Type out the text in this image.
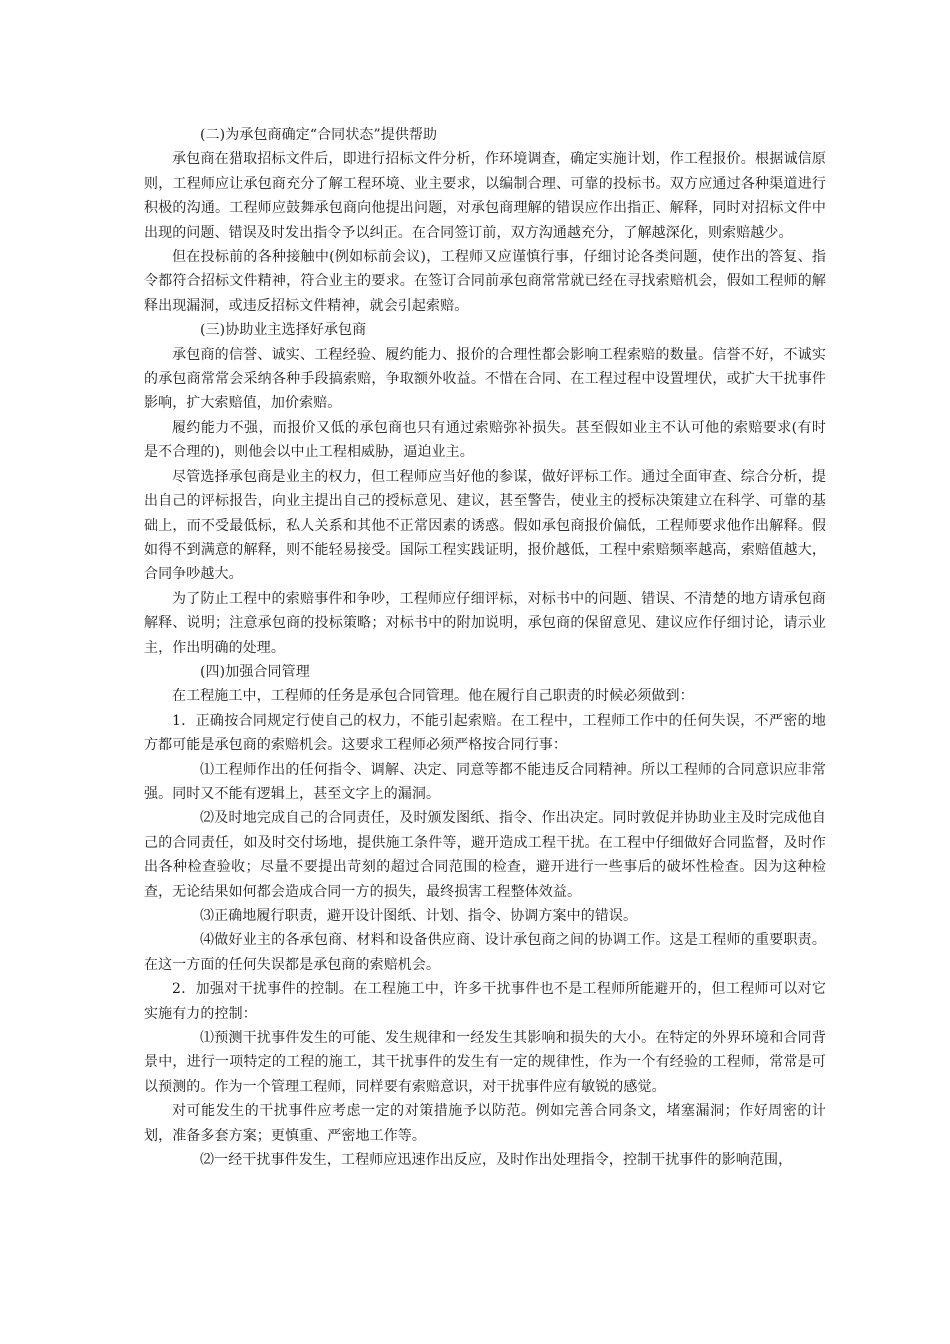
(二)为承包商确定“合同状态”提供帮助

承包商在猎取招标文件后，即进行招标文件分析，作环境调查，确定实施计划，作工程报价。根据诚信原则，工程师应让承包商充分了解工程环境、业主要求，以编制合理、可靠的投标书。双方应通过各种渠道进行积极的沟通。工程师应鼓舞承包商向他提出问题，对承包商理解的错误应作出指正、解释，同时对招标文件中出现的问题、错误及时发出指令予以纠正。在合同签订前，双方沟通越充分，了解越深化，则索赔越少。

但在投标前的各种接触中(例如标前会议)，工程师又应谨慎行事，仔细讨论各类问题，使作出的答复、指令都符合招标文件精神，符合业主的要求。在签订合同前承包商常常就已经在寻找索赔机会，假如工程师的解释出现漏洞，或违反招标文件精神，就会引起索赔。

(三)协助业主选择好承包商

承包商的信誉、诚实、工程经验、履约能力、报价的合理性都会影响工程索赔的数量。信誉不好，不诚实的承包商常常会采纳各种手段搞索赔，争取额外收益。不惜在合同、在工程过程中设置埋伏，或扩大干扰事件影响，扩大索赔值，加价索赔。

履约能力不强，而报价又低的承包商也只有通过索赔弥补损失。甚至假如业主不认可他的索赔要求(有时是不合理的)，则他会以中止工程相威胁，逼迫业主。

尽管选择承包商是业主的权力，但工程师应当好他的参谋，做好评标工作。通过全面审查、综合分析，提出自己的评标报告，向业主提出自己的授标意见、建议，甚至警告，使业主的授标决策建立在科学、可靠的基础上，而不受最低标，私人关系和其他不正常因素的诱惑。假如承包商报价偏低，工程师要求他作出解释。假如得不到满意的解释，则不能轻易接受。国际工程实践证明，报价越低，工程中索赔频率越高，索赔值越大，合同争吵越大。

为了防止工程中的索赔事件和争吵，工程师应仔细评标，对标书中的问题、错误、不清楚的地方请承包商解释、说明；注意承包商的投标策略；对标书中的附加说明，承包商的保留意见、建议应作仔细讨论，请示业主，作出明确的处理。

(四)加强合同管理

在工程施工中，工程师的任务是承包合同管理。他在履行自己职责的时候必须做到：

1．正确按合同规定行使自己的权力，不能引起索赔。在工程中，工程师工作中的任何失误，不严密的地方都可能是承包商的索赔机会。这要求工程师必须严格按合同行事：

⑴工程师作出的任何指令、调解、决定、同意等都不能违反合同精神。所以工程师的合同意识应非常强。同时又不能有逻辑上，甚至文字上的漏洞。

⑵及时地完成自己的合同责任，及时颁发图纸、指令、作出决定。同时敦促并协助业主及时完成他自己的合同责任，如及时交付场地，提供施工条件等，避开造成工程干扰。在工程中仔细做好合同监督，及时作出各种检查验收；尽量不要提出苛刻的超过合同范围的检查，避开进行一些事后的破坏性检查。因为这种检查，无论结果如何都会造成合同一方的损失，最终损害工程整体效益。

⑶正确地履行职责，避开设计图纸、计划、指令、协调方案中的错误。

⑷做好业主的各承包商、材料和设备供应商、设计承包商之间的协调工作。这是工程师的重要职责。在这一方面的任何失误都是承包商的索赔机会。

2．加强对干扰事件的控制。在工程施工中，许多干扰事件也不是工程师所能避开的，但工程师可以对它实施有力的控制：

⑴预测干扰事件发生的可能、发生规律和一经发生其影响和损失的大小。在特定的外界环境和合同背景中，进行一项特定的工程的施工，其干扰事件的发生有一定的规律性，作为一个有经验的工程师，常常是可以预测的。作为一个管理工程师，同样要有索赔意识，对干扰事件应有敏锐的感觉。

对可能发生的干扰事件应考虑一定的对策措施予以防范。例如完善合同条文，堵塞漏洞；作好周密的计划，准备多套方案；更慎重、严密地工作等。

⑵一经干扰事件发生，工程师应迅速作出反应，及时作出处理指令，控制干扰事件的影响范围，
